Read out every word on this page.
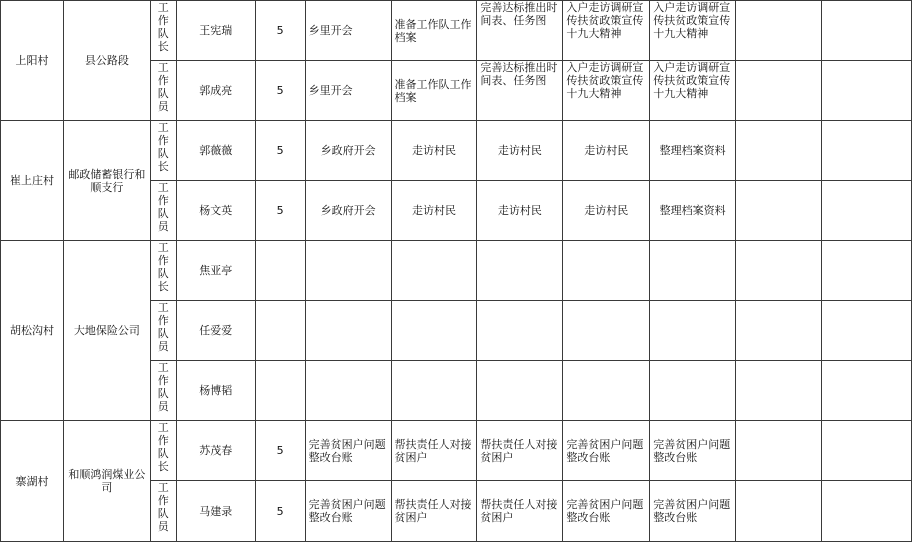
上阳村	县公路段	工作队长	王宪瑞	5	乡里开会	准备工作队工作档案	完善达标推出时间表、任务图	入户走访调研宣传扶贫政策宣传十九大精神	入户走访调研宣传扶贫政策宣传十九大精神		

		工作队员	郭成亮	5	乡里开会	准备工作队工作档案	完善达标推出时间表、任务图	入户走访调研宣传扶贫政策宣传十九大精神	入户走访调研宣传扶贫政策宣传十九大精神		
崔上庄村	邮政储蓄银行和顺支行	工作队长	郭薇薇	5	乡政府开会	走访村民	走访村民	走访村民	整理档案资料		

		工作队员	杨文英	5	乡政府开会	走访村民	走访村民	走访村民	整理档案资料		
胡松沟村	大地保险公司	工作队长	焦亚亭								

		工作队员	任爱爱								

		工作队员	杨博韬								
寨湖村	和顺鸿润煤业公司	工作队长	苏茂春	5	完善贫困户问题整改台账	帮扶责任人对接贫困户	帮扶责任人对接贫困户	完善贫困户问题整改台账	完善贫困户问题整改台账		

		工作队员	马建录	5	完善贫困户问题整改台账	帮扶责任人对接贫困户	帮扶责任人对接贫困户	完善贫困户问题整改台账	完善贫困户问题整改台账		
